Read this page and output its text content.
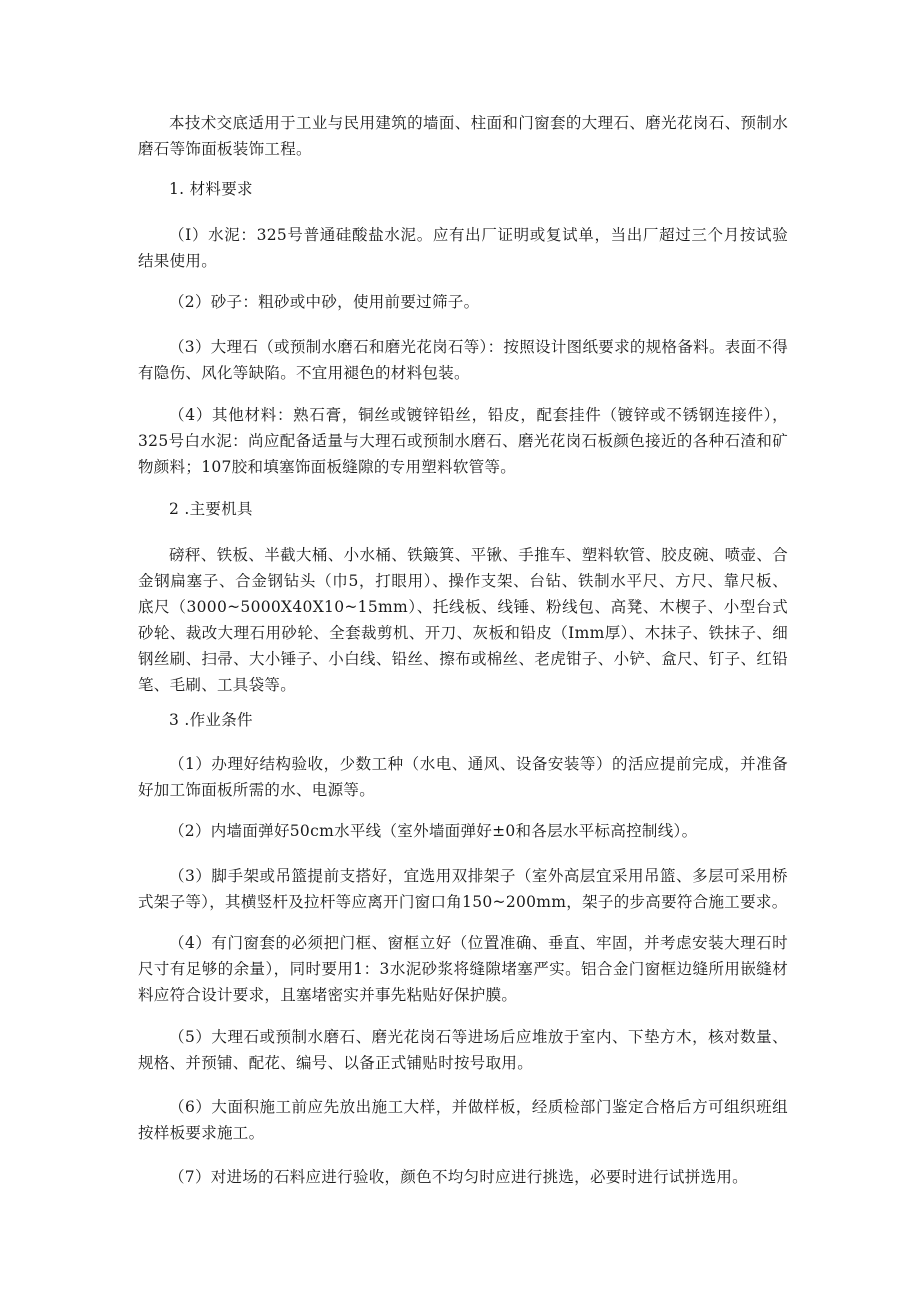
本技术交底适用于工业与民用建筑的墙面、柱面和门窗套的大理石、磨光花岗石、预制水磨石等饰面板装饰工程。

1. 材料要求

（I）水泥：325号普通硅酸盐水泥。应有出厂证明或复试单，当出厂超过三个月按试验结果使用。

（2）砂子：粗砂或中砂，使用前要过筛子。

（3）大理石（或预制水磨石和磨光花岗石等）：按照设计图纸要求的规格备料。表面不得有隐伤、风化等缺陷。不宜用褪色的材料包装。

（4）其他材料：熟石膏，铜丝或镀锌铅丝，铅皮，配套挂件（镀锌或不锈钢连接件），325号白水泥：尚应配备适量与大理石或预制水磨石、磨光花岗石板颜色接近的各种石渣和矿物颜料；107胶和填塞饰面板缝隙的专用塑料软管等。

2 .主要机具

磅秤、铁板、半截大桶、小水桶、铁簸箕、平锹、手推车、塑料软管、胶皮碗、喷壶、合金钢扁塞子、合金钢钻头（巾5，打眼用）、操作支架、台钻、铁制水平尺、方尺、靠尺板、底尺（3000~5000X40X10~15mm）、托线板、线锤、粉线包、高凳、木楔子、小型台式砂轮、裁改大理石用砂轮、全套裁剪机、开刀、灰板和铅皮（Imm厚）、木抹子、铁抹子、细钢丝刷、扫帚、大小锤子、小白线、铅丝、擦布或棉丝、老虎钳子、小铲、盒尺、钉子、红铅笔、毛刷、工具袋等。

3 .作业条件

（1）办理好结构验收，少数工种（水电、通风、设备安装等）的活应提前完成，并准备好加工饰面板所需的水、电源等。

（2）内墙面弹好50cm水平线（室外墙面弹好±0和各层水平标高控制线）。

（3）脚手架或吊篮提前支搭好，宜选用双排架子（室外高层宜采用吊篮、多层可采用桥式架子等），其横竖杆及拉杆等应离开门窗口角150~200mm，架子的步高要符合施工要求。

（4）有门窗套的必须把门框、窗框立好（位置准确、垂直、牢固，并考虑安装大理石时尺寸有足够的余量），同时要用1：3水泥砂浆将缝隙堵塞严实。铝合金门窗框边缝所用嵌缝材料应符合设计要求，且塞堵密实并事先粘贴好保护膜。

（5）大理石或预制水磨石、磨光花岗石等进场后应堆放于室内、下垫方木，核对数量、规格、并预铺、配花、编号、以备正式铺贴时按号取用。

（6）大面积施工前应先放出施工大样，并做样板，经质检部门鉴定合格后方可组织班组按样板要求施工。

（7）对进场的石料应进行验收，颜色不均匀时应进行挑选，必要时进行试拼选用。
